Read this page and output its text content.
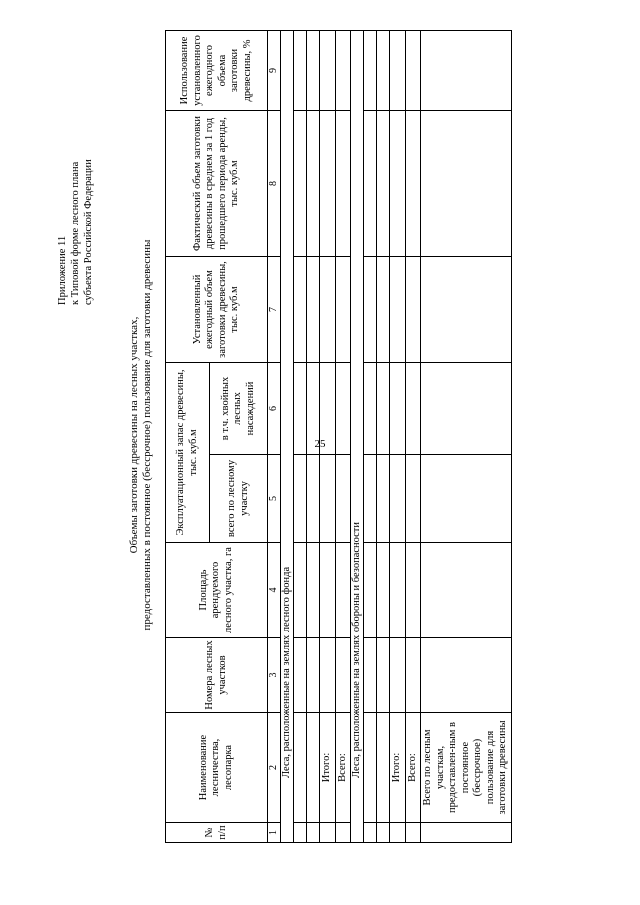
25
Приложение 11 к Типовой форме лесного плана субъекта Российской Федерации
Объемы заготовки древесины на лесных участках, предоставленных в постоянное (бессрочное) пользование для заготовки древесины
№ п/п	Наименование лесничества, лесопарка	Номера лесных участков	Площадь арендуемого лесного участка, га	Эксплуатационный запас древесины, тыс. куб.м		Установленный ежегодный объем заготовки древесины, тыс. куб.м	Фактический объем заготовки древесины в среднем за 1 год прошедшего периода аренды, тыс. куб.м	Использование установленного ежегодного объема заготовки древесины, %
				всего по лесному участку	в т.ч. хвойных лесных насаждений			
1	2	3	4	5	6	7	8	9
Леса, расположенные на землях лесного фонда								

	Итого:							
	Всего:							
Леса, расположенные на землях обороны и безопасности								

	Итого:							
	Всего:							
	Всего по лесным участкам, предоставлен-ным в постоянное (бессрочное) пользование для заготовки древесины							
